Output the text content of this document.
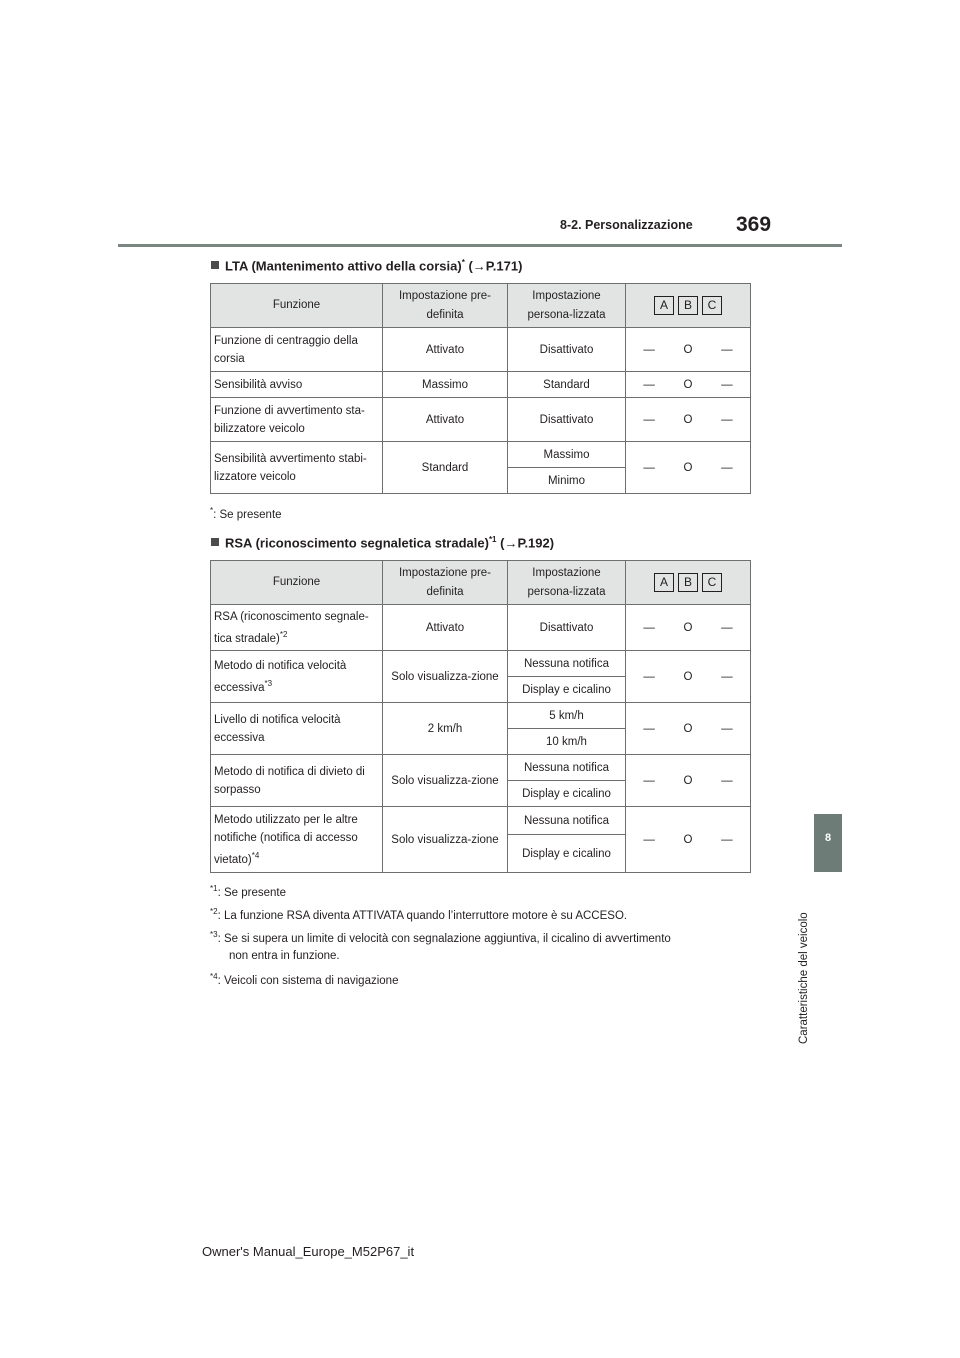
8-2. Personalizzazione 369
8
Caratteristiche del veicolo
LTA (Mantenimento attivo della corsia)* (→P.171)
Funzione	Impostazione pre-definita	Impostazione persona-lizzata	A B C

Funzione di centraggio della corsia	Attivato	Disattivato	— O —

Sensibilità avviso	Massimo	Standard	— O —

Funzione di avvertimento sta-bilizzatore veicolo	Attivato	Disattivato	— O —

Sensibilità avvertimento stabi-lizzatore veicolo	Standard	Massimo	— O —

		Minimo	
*: Se presente
RSA (riconoscimento segnaletica stradale)$^{*1}$ (→P.192)
Funzione	Impostazione pre-definita	Impostazione persona-lizzata	A B C

RSA (riconoscimento segnale-tica stradale)$^{*2}$	Attivato	Disattivato	— O —

Metodo di notifica velocità eccessiva$^{*3}$	Solo visualizza-zione	Nessuna notifica	— O —

		Display e cicalino	
Livello di notifica velocità eccessiva	2 km/h	5 km/h	— O —

		10 km/h	
Metodo di notifica di divieto di sorpasso	Solo visualizza-zione	Nessuna notifica	— O —

		Display e cicalino	
Metodo utilizzato per le altre notifiche (notifica di accesso vietato)$^{*4}$	Solo visualizza-zione	Nessuna notifica	— O —

		Display e cicalino	
$^{*1}$: Se presente
$^{*2}$: La funzione RSA diventa ATTIVATA quando l’interruttore motore è su ACCESO.
$^{*3}$: Se si supera un limite di velocità con segnalazione aggiuntiva, il cicalino di avvertimento
non entra in funzione.
$^{*4}$: Veicoli con sistema di navigazione
Owner's Manual_Europe_M52P67_it
